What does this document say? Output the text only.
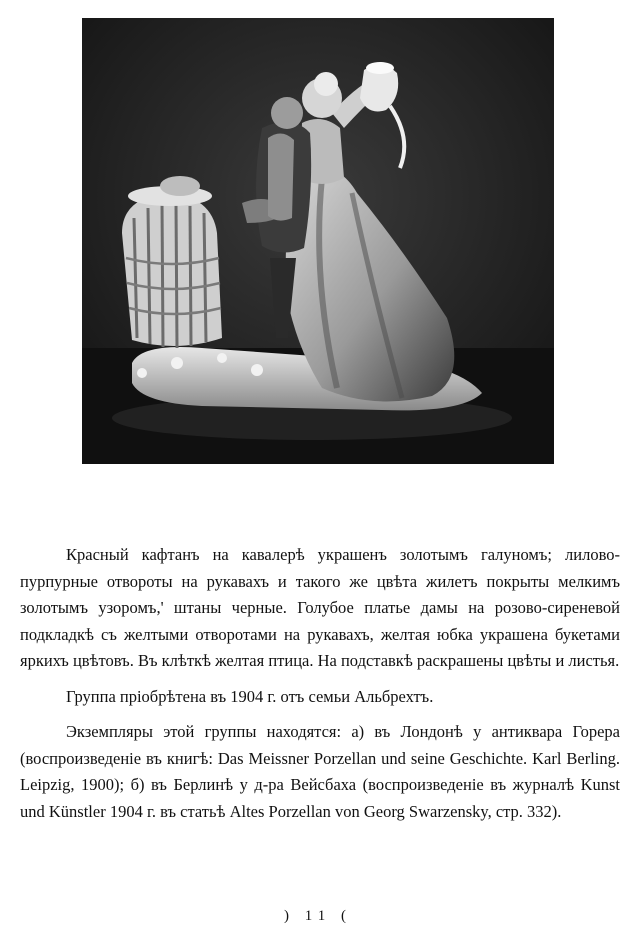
Красный кафтанъ на кавалерѣ украшенъ золотымъ галуномъ; лилово-пурпурные отвороты на рукавахъ и такого же цвѣта жилетъ покрыты мелкимъ золотымъ узоромъ,' штаны черные. Голубое платье дамы на розово-сиреневой подкладкѣ съ желтыми отворотами на рукавахъ, желтая юбка украшена букетами яркихъ цвѣтовъ. Въ клѣткѣ желтая птица. На подставкѣ раскрашены цвѣты и листья.

Группа пріобрѣтена въ 1904 г. отъ семьи Альбрехтъ.

Экземпляры этой группы находятся: а) въ Лондонѣ у антиквара Горера (воспроизведеніе въ книгѣ: Das Meissner Porzellan und seine Geschichte. Karl Berling. Leipzig, 1900); б) въ Берлинѣ у д-ра Вейсбаха (воспроизведеніе въ журналѣ Kunst und Künstler 1904 г. въ статьѣ Altes Porzellan von Georg Swarzensky, стр. 332).

) 11 (
